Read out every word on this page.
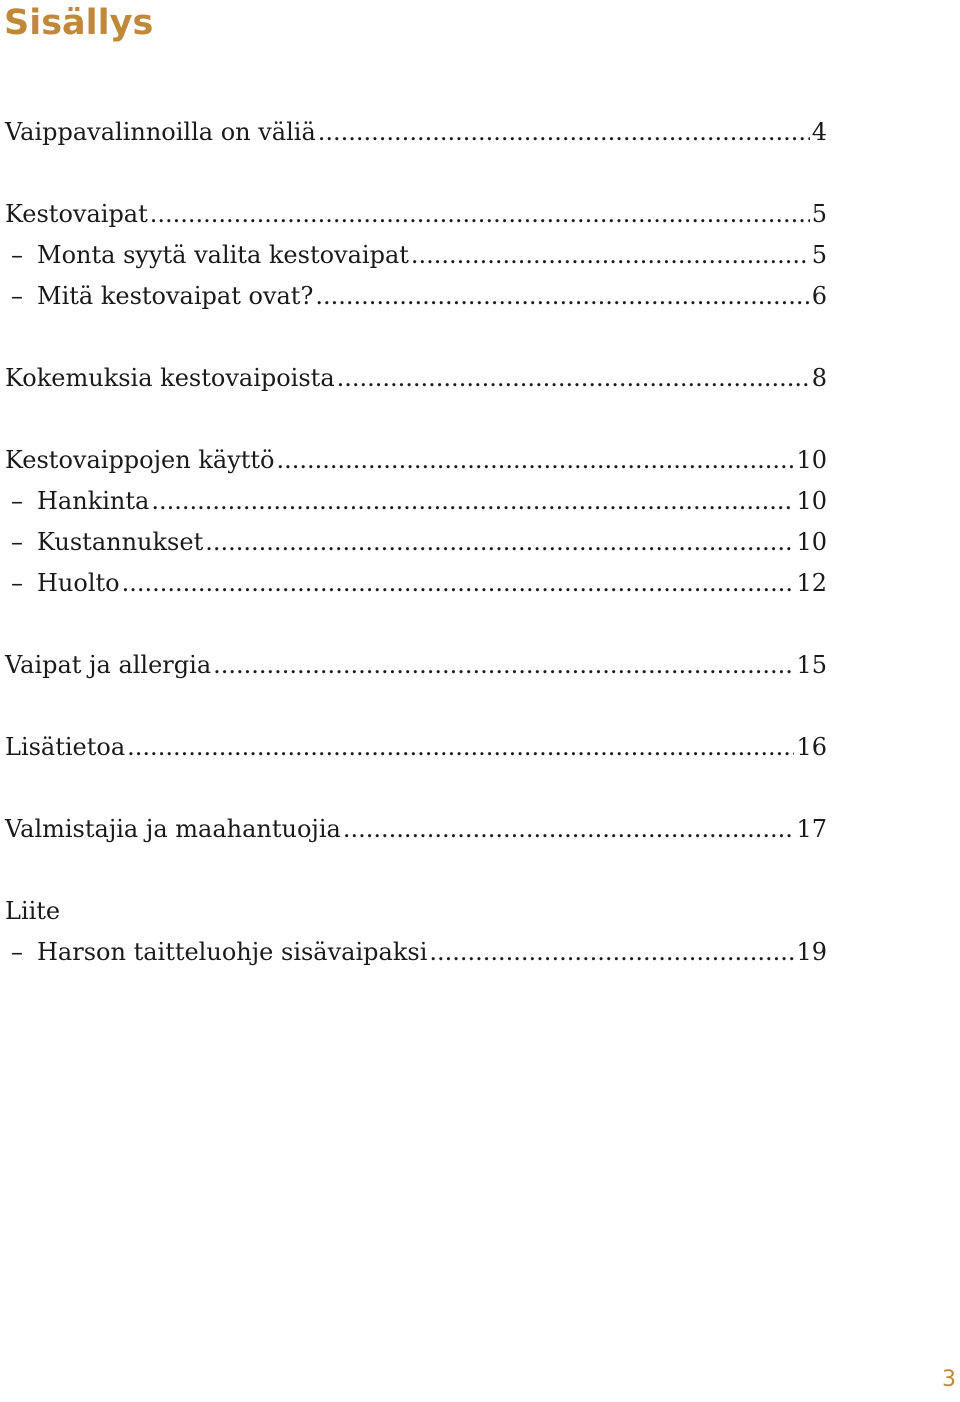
Sisällys
Vaippavalinnoilla on väliä .....	4
Kestovaipat .....	5
– Monta syytä valita kestovaipat .....	5
– Mitä kestovaipat ovat? .....	6
Kokemuksia kestovaipoista .....	8
Kestovaippojen käyttö .....	10
– Hankinta .....	10
– Kustannukset .....	10
– Huolto .....	12
Vaipat ja allergia .....	15
Lisätietoa .....	16
Valmistajia ja maahantuojia .....	17
Liite
– Harson taitteluohje sisävaipaksi .....	19
3
